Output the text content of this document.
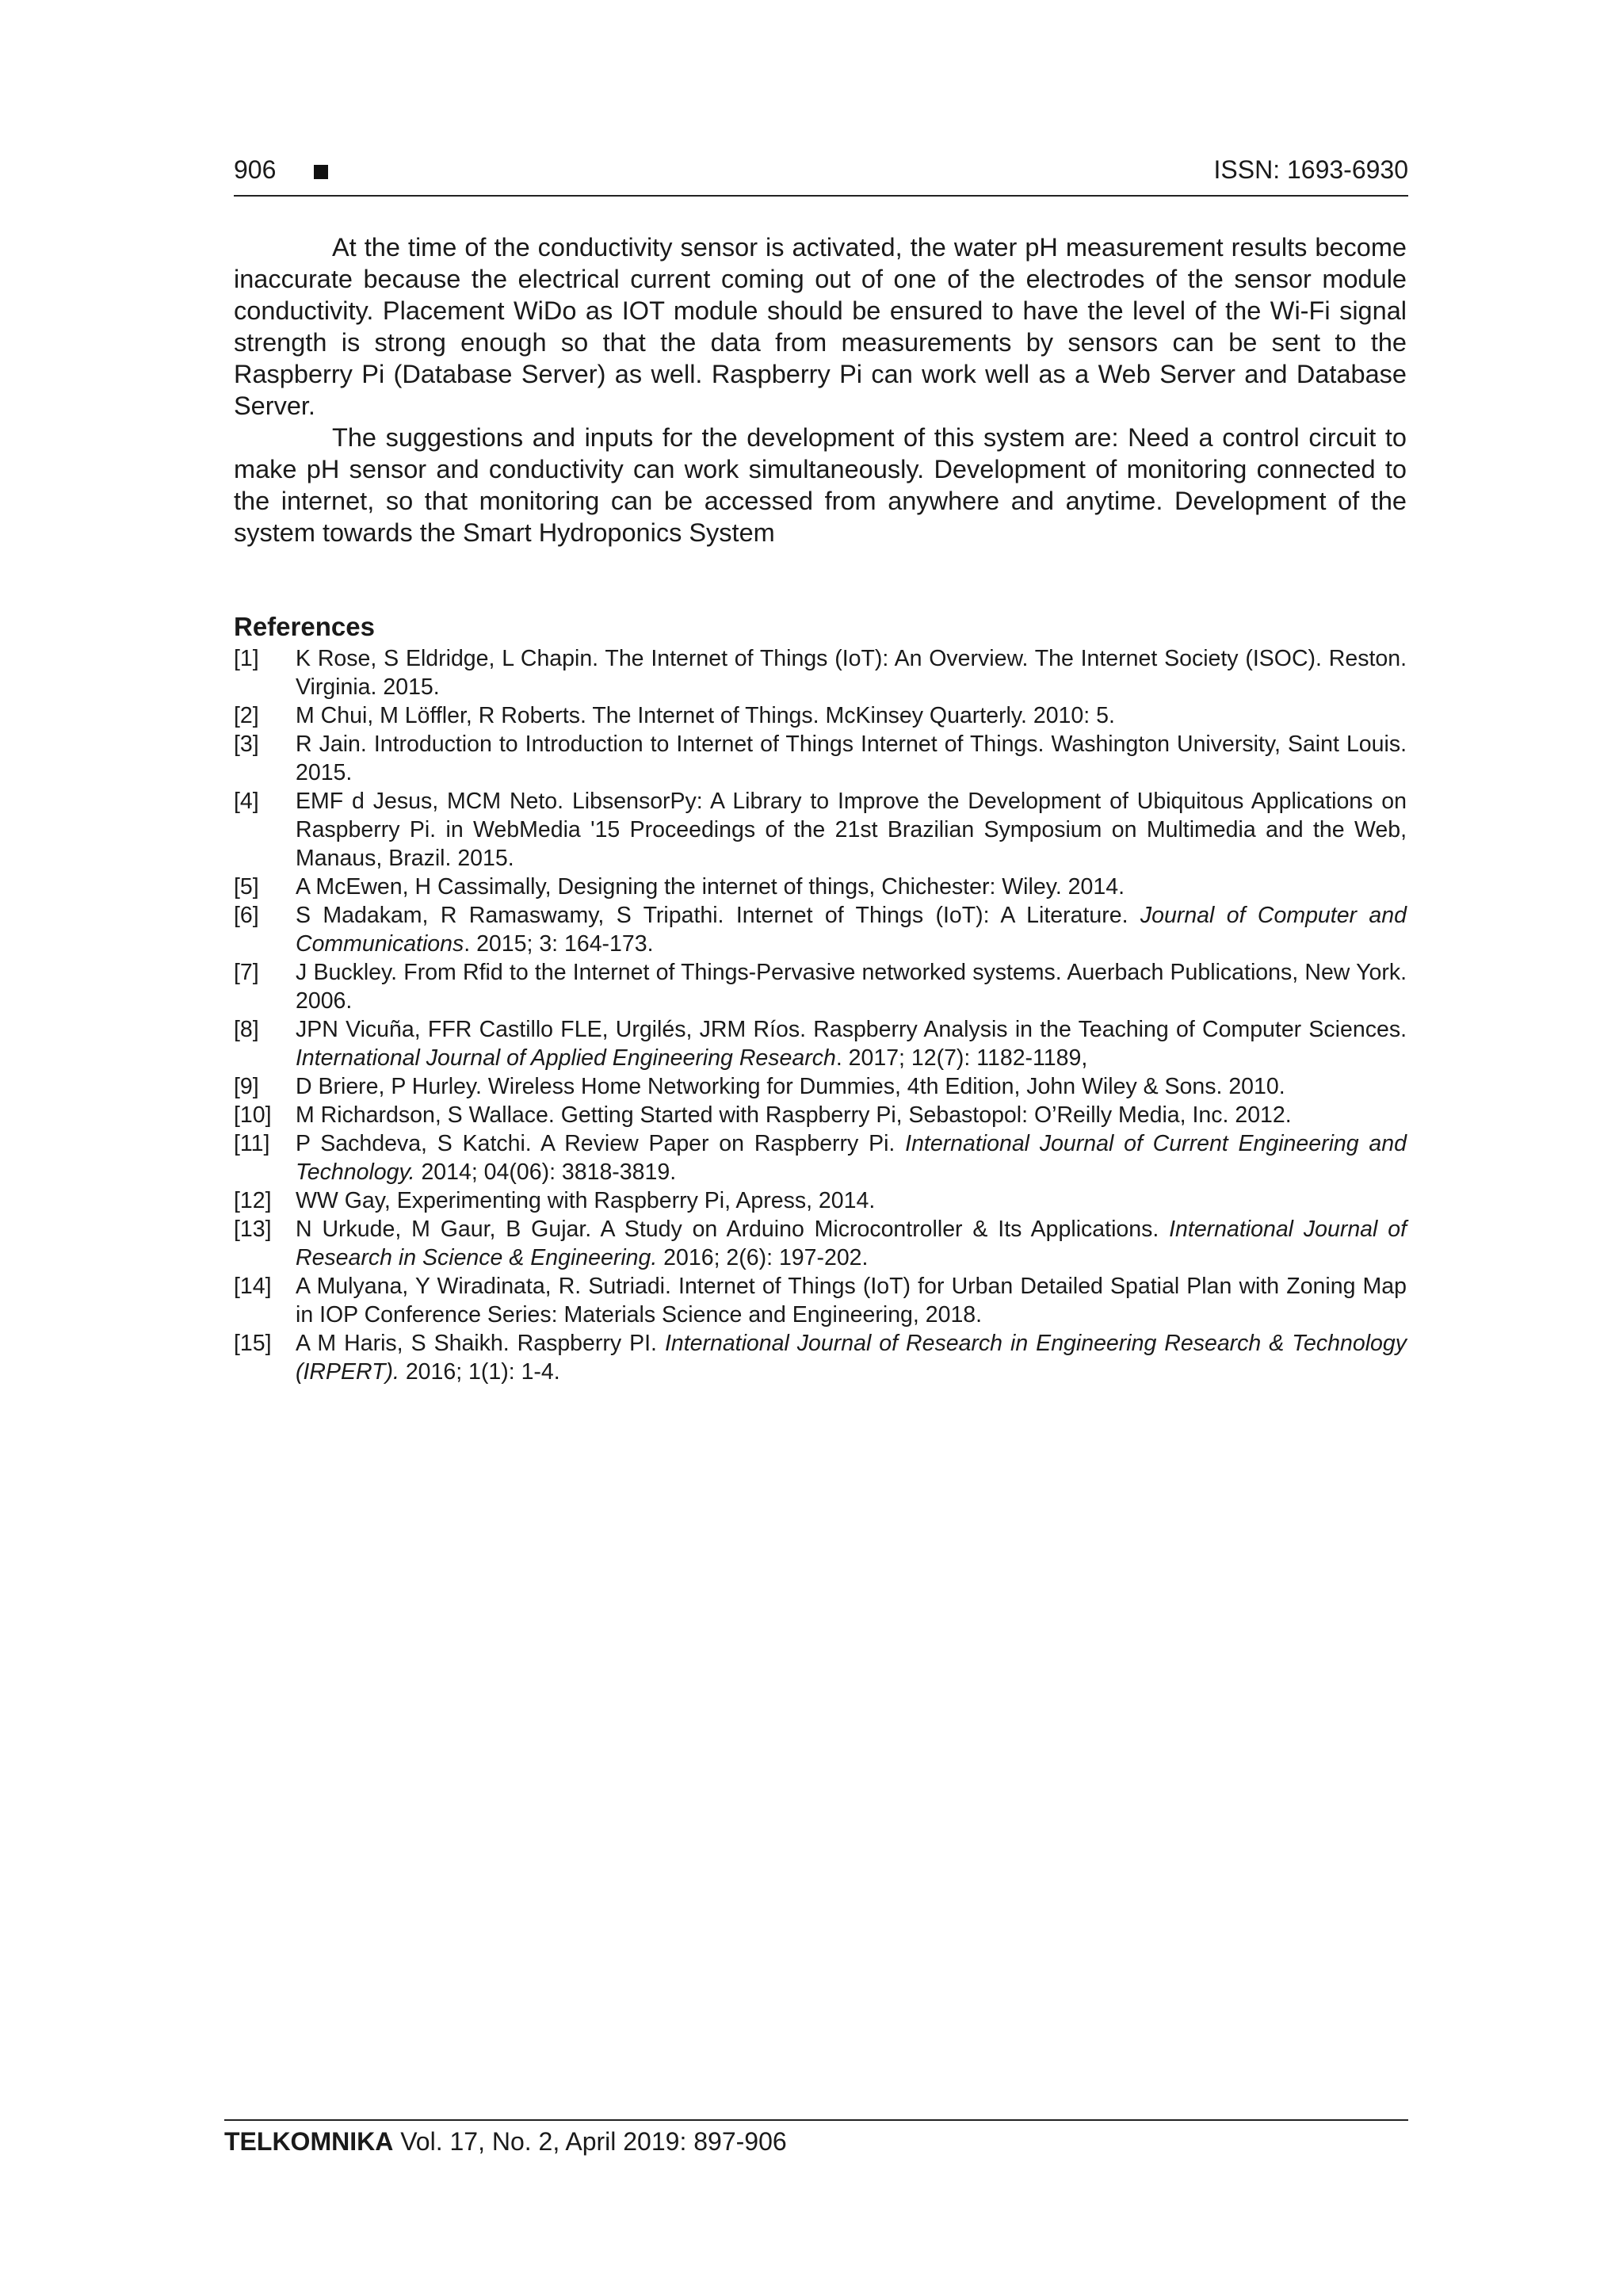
906	ISSN: 1693-6930

At the time of the conductivity sensor is activated, the water pH measurement results become inaccurate because the electrical current coming out of one of the electrodes of the sensor module conductivity. Placement WiDo as IOT module should be ensured to have the level of the Wi-Fi signal strength is strong enough so that the data from measurements by sensors can be sent to the Raspberry Pi (Database Server) as well. Raspberry Pi can work well as a Web Server and Database Server.

The suggestions and inputs for the development of this system are: Need a control circuit to make pH sensor and conductivity can work simultaneously. Development of monitoring connected to the internet, so that monitoring can be accessed from anywhere and anytime. Development of the system towards the Smart Hydroponics System

References
[1]	K Rose, S Eldridge, L Chapin. The Internet of Things (IoT): An Overview. The Internet Society (ISOC). Reston. Virginia. 2015.
[2]	M Chui, M Löffler, R Roberts. The Internet of Things. McKinsey Quarterly. 2010: 5.
[3]	R Jain. Introduction to Introduction to Internet of Things Internet of Things. Washington University, Saint Louis. 2015.
[4]	EMF d Jesus, MCM Neto. LibsensorPy: A Library to Improve the Development of Ubiquitous Applications on Raspberry Pi. in WebMedia '15 Proceedings of the 21st Brazilian Symposium on Multimedia and the Web, Manaus, Brazil. 2015.
[5]	A McEwen, H Cassimally, Designing the internet of things, Chichester: Wiley. 2014.
[6]	S Madakam, R Ramaswamy, S Tripathi. Internet of Things (IoT): A Literature. Journal of Computer and Communications. 2015; 3: 164-173.
[7]	J Buckley. From Rfid to the Internet of Things-Pervasive networked systems. Auerbach Publications, New York. 2006.
[8]	JPN Vicuña, FFR Castillo FLE, Urgilés, JRM Ríos. Raspberry Analysis in the Teaching of Computer Sciences. International Journal of Applied Engineering Research. 2017; 12(7): 1182-1189,
[9]	D Briere, P Hurley. Wireless Home Networking for Dummies, 4th Edition, John Wiley & Sons. 2010.
[10]	M Richardson, S Wallace. Getting Started with Raspberry Pi, Sebastopol: O’Reilly Media, Inc. 2012.
[11]	P Sachdeva, S Katchi. A Review Paper on Raspberry Pi. International Journal of Current Engineering and Technology. 2014; 04(06): 3818-3819.
[12]	WW Gay, Experimenting with Raspberry Pi, Apress, 2014.
[13]	N Urkude, M Gaur, B Gujar. A Study on Arduino Microcontroller & Its Applications. International Journal of Research in Science & Engineering. 2016; 2(6): 197-202.
[14]	A Mulyana, Y Wiradinata, R. Sutriadi. Internet of Things (IoT) for Urban Detailed Spatial Plan with Zoning Map in IOP Conference Series: Materials Science and Engineering, 2018.
[15]	A M Haris, S Shaikh. Raspberry PI. International Journal of Research in Engineering Research & Technology (IRPERT). 2016; 1(1): 1-4.
TELKOMNIKA Vol. 17, No. 2, April 2019: 897-906
